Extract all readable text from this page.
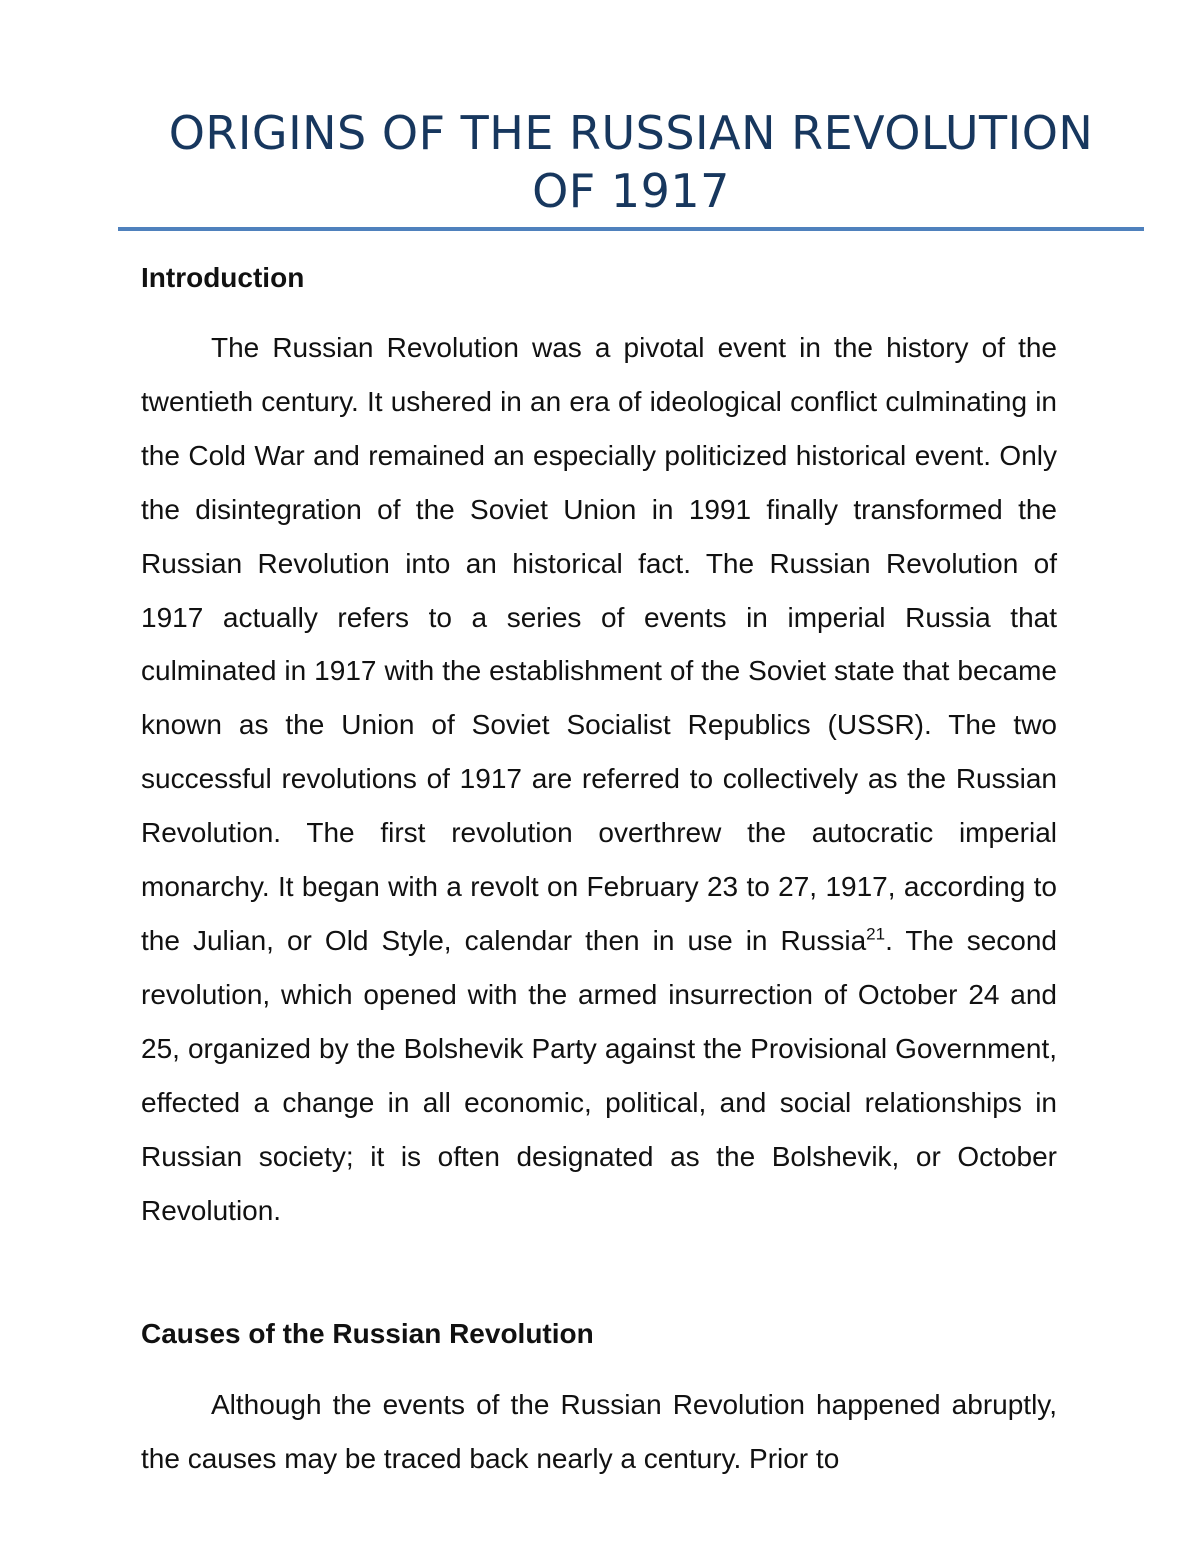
ORIGINS OF THE RUSSIAN REVOLUTION
OF 1917
Introduction

The Russian Revolution was a pivotal event in the history of the twentieth century. It ushered in an era of ideological conflict culminating in the Cold War and remained an especially politicized historical event. Only the disintegration of the Soviet Union in 1991 finally transformed the Russian Revolution into an historical fact. The Russian Revolution of 1917 actually refers to a series of events in imperial Russia that culminated in 1917 with the establishment of the Soviet state that became known as the Union of Soviet Socialist Republics (USSR). The two successful revolutions of 1917 are referred to collectively as the Russian Revolution. The first revolution overthrew the autocratic imperial monarchy. It began with a revolt on February 23 to 27, 1917, according to the Julian, or Old Style, calendar then in use in Russia$^{21}$. The second revolution, which opened with the armed insurrection of October 24 and 25, organized by the Bolshevik Party against the Provisional Government, effected a change in all economic, political, and social relationships in Russian society; it is often designated as the Bolshevik, or October Revolution.

Causes of the Russian Revolution

Although the events of the Russian Revolution happened abruptly, the causes may be traced back nearly a century. Prior to
